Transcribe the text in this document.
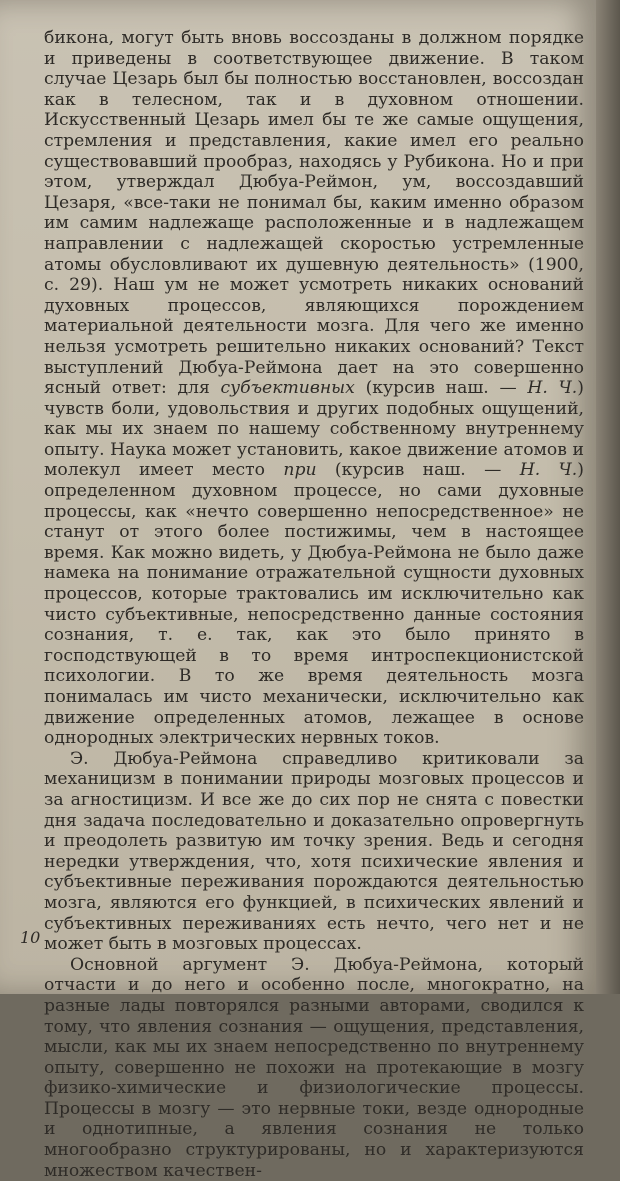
бикона, могут быть вновь воссозданы в должном порядке и приведены в соответствующее движение. В таком случае Цезарь был бы полностью восстановлен, воссоздан как в телесном, так и в духовном отношении. Искусственный Цезарь имел бы те же самые ощущения, стремления и представления, какие имел его реально существовавший прообраз, находясь у Рубикона. Но и при этом, утверждал Дюбуа-Реймон, ум, воссоздавший Цезаря, «все-таки не понимал бы, каким именно образом им самим надлежаще расположенные и в надлежащем направлении с надлежащей скоростью устремленные атомы обусловливают их душевную деятельность» (1900, с. 29). Наш ум не может усмотреть никаких оснований духовных процессов, являющихся порождением материальной деятельности мозга. Для чего же именно нельзя усмотреть решительно никаких оснований? Текст выступлений Дюбуа-Реймона дает на это совершенно ясный ответ: для субъективных (курсив наш. — Н. Ч.) чувств боли, удовольствия и других подобных ощущений, как мы их знаем по нашему собственному внутреннему опыту. Наука может установить, какое движение атомов и молекул имеет место при (курсив наш. — Н. Ч.) определенном духовном процессе, но сами духовные процессы, как «нечто совершенно непосредственное» не станут от этого более постижимы, чем в настоящее время. Как можно видеть, у Дюбуа-Реймона не было даже намека на понимание отражательной сущности духовных процессов, которые трактовались им исключительно как чисто субъективные, непосредственно данные состояния сознания, т. е. так, как это было принято в господствующей в то время интроспекционистской психологии. В то же время деятельность мозга понималась им чисто механически, исключительно как движение определенных атомов, лежащее в основе однородных электрических нервных токов.

Э. Дюбуа-Реймона справедливо критиковали за механицизм в понимании природы мозговых процессов и за агностицизм. И все же до сих пор не снята с повестки дня задача последовательно и доказательно опровергнуть и преодолеть развитую им точку зрения. Ведь и сегодня нередки утверждения, что, хотя психические явления и субъективные переживания порождаются деятельностью мозга, являются его функцией, в психических явлений и субъективных переживаниях есть нечто, чего нет и не может быть в мозговых процессах.

Основной аргумент Э. Дюбуа-Реймона, который отчасти и до него и особенно после, многократно, на разные лады повторялся разными авторами, сводился к тому, что явления сознания — ощущения, представления, мысли, как мы их знаем непосредственно по внутреннему опыту, совершенно не похожи на протекающие в мозгу физико-химические и физиологические процессы. Процессы в мозгу — это нервные токи, везде однородные и однотипные, а явления сознания не только многообразно структурированы, но и характеризуются множеством качествен-

10
